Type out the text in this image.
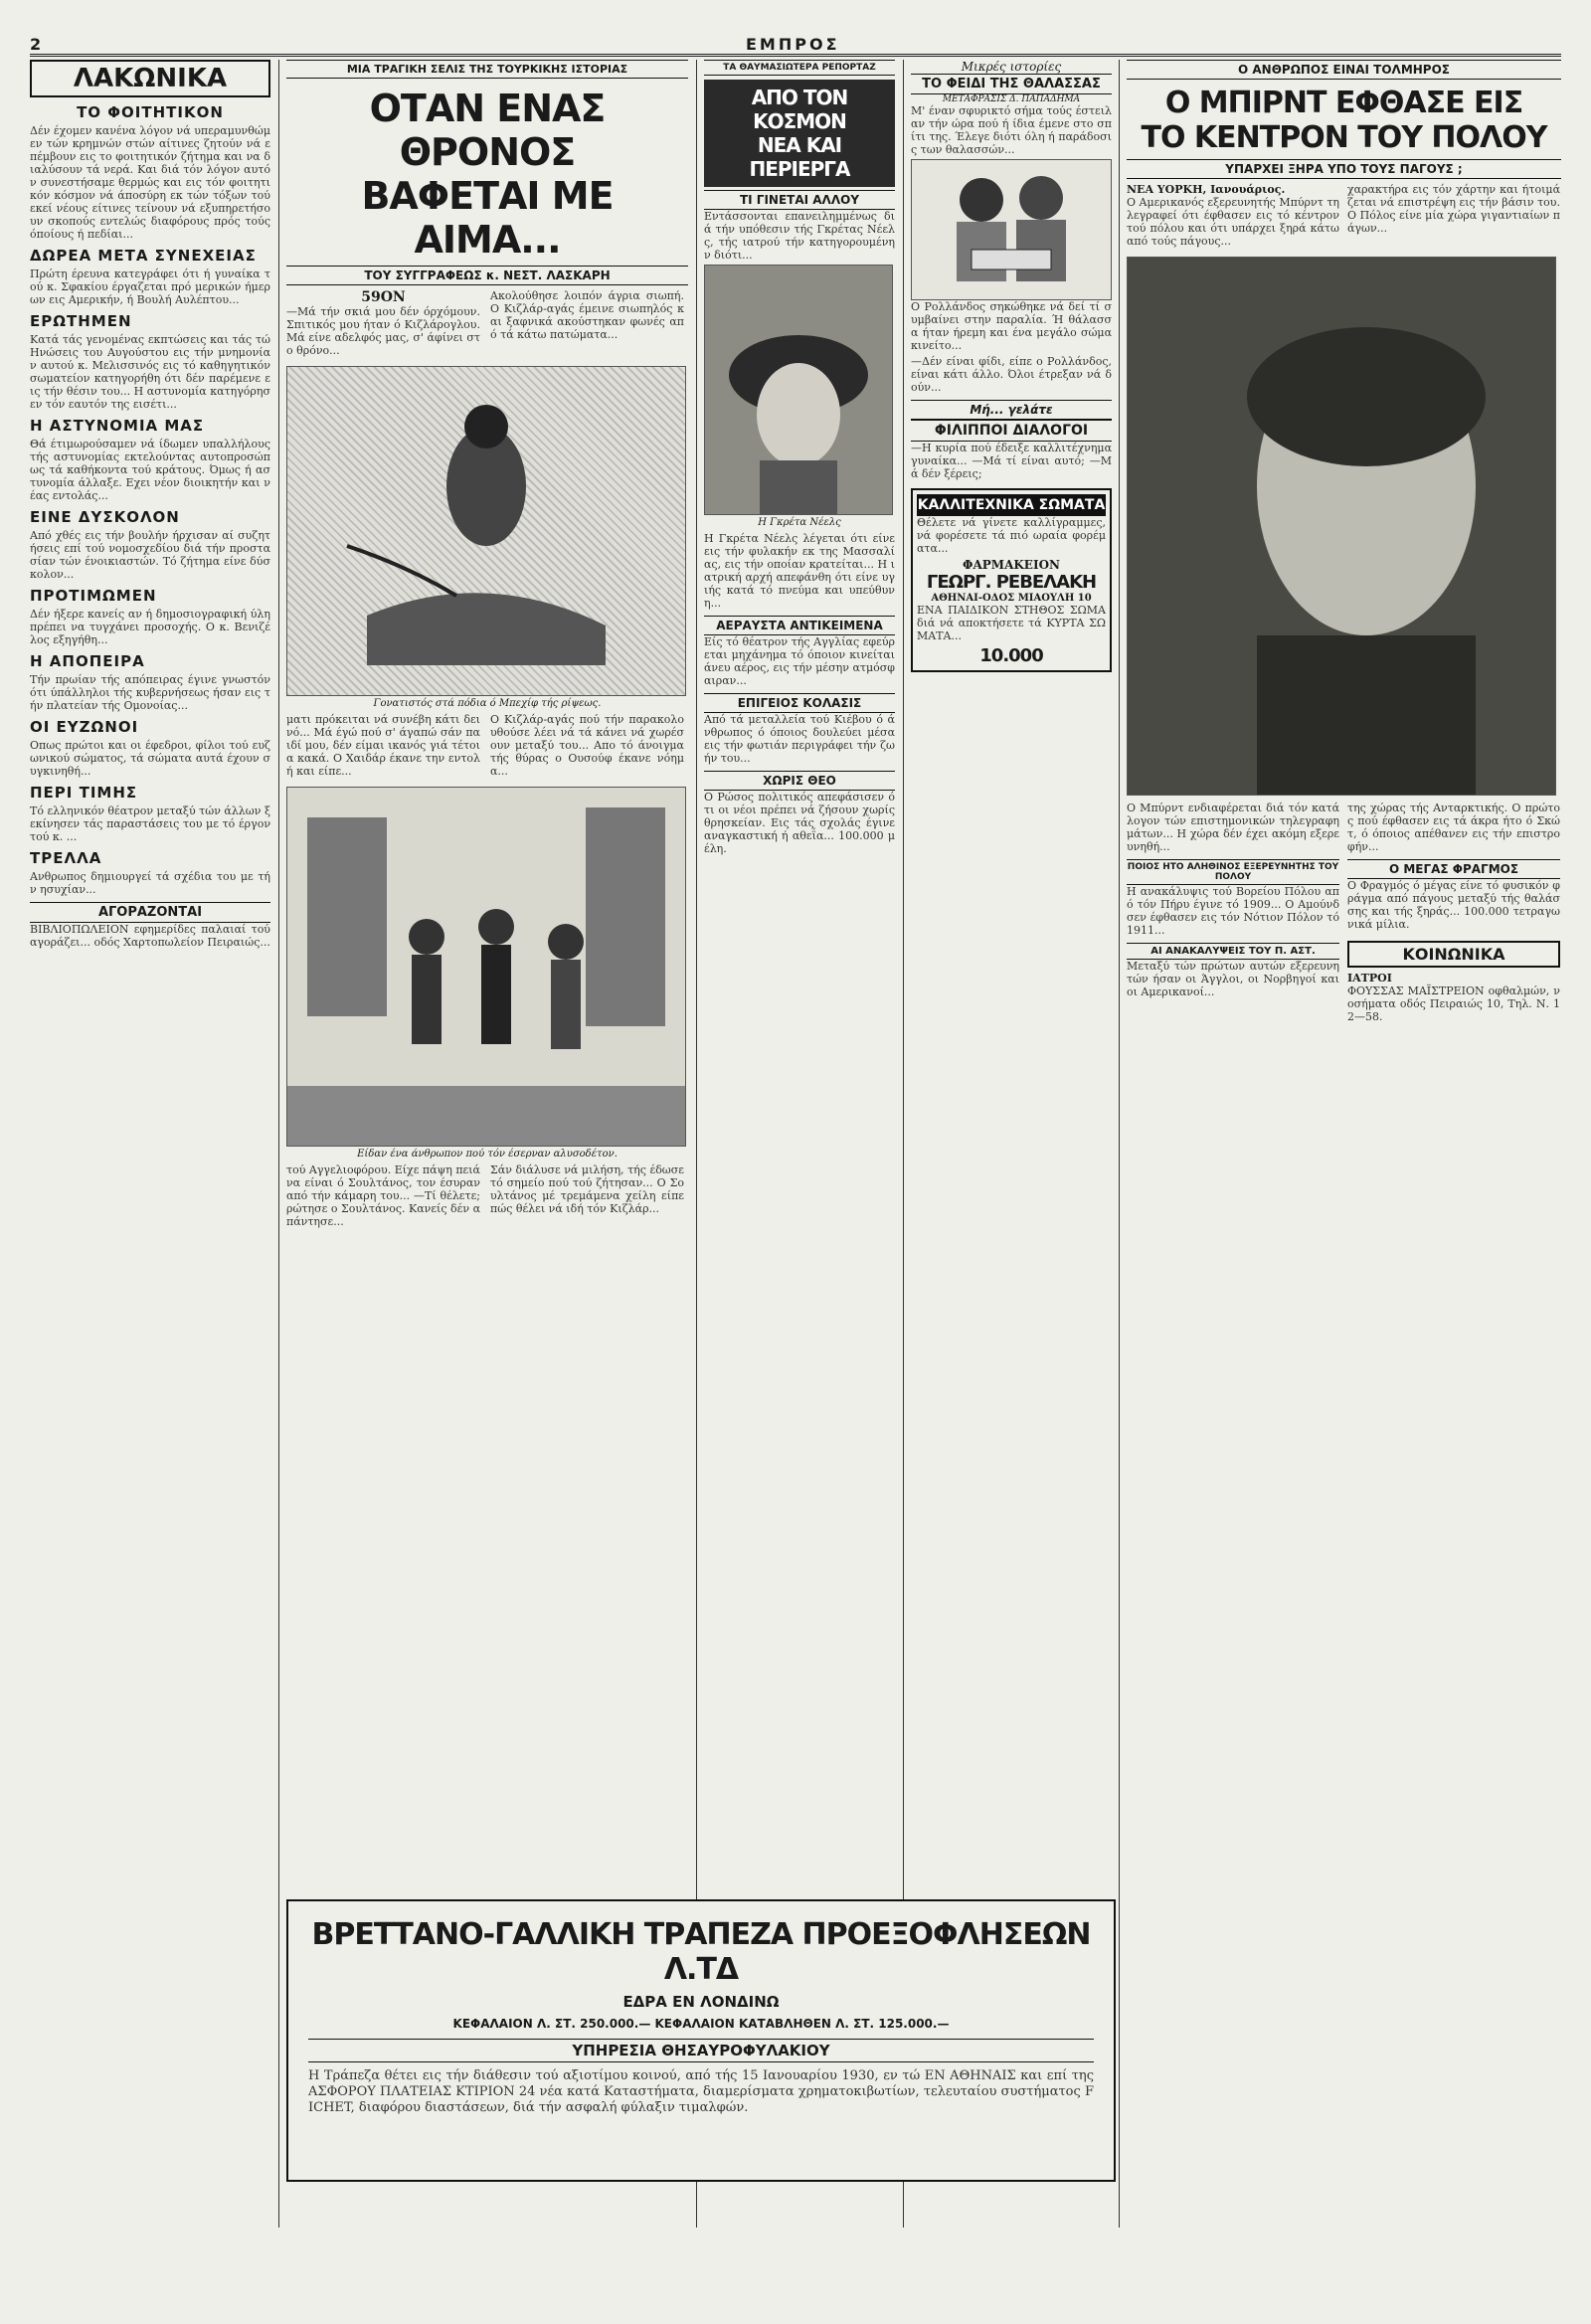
2	ΕΜΠΡΟΣ
ΛΑΚΩΝΙΚΑ
ΤΟ ΦΟΙΤΗΤΙΚΟΝ
Δέν έχομεν κανένα λόγον νά υπεραμυνθώμεν τών κρημνών στών αίτινες ζητούν νά επέμβουν εις το φοιτητικόν ζήτημα και να διαλύσουν τά νερά. Και διά τόν λόγον αυτόν συνεστήσαμε θερμώς και εις τόν φοιτητικόν κόσμον νά άποσύρη εκ τών τόξων τού εκεί νέους είτινες τείνουν νά εξυπηρετήσουν σκοπούς εντελώς διαφόρους πρός τούς όποίους ή πεδίαι...
ΔΩΡΕΑ ΜΕΤΑ ΣΥΝΕΧΕΙΑΣ
Πρώτη έρευνα κατεγράφει ότι ή γυναίκα τού κ. Σφακίου έργαζεται πρό μερικών ήμερων εις Αμερικήν, ή Βουλή Αυλέπτου...
ΕΡΩΤΗΜΕΝ
Κατά τάς γενομένας εκπτώσεις και τάς τώ Ηνώσεις του Αυγούστου εις τήν μνημονίαν αυτού κ. Μελισσινός εις τό καθηγητικόν σωματείον κατηγορήθη ότι δέν παρέμενε εις τήν θέσιν του... Η αστυνομία κατηγόρησεν τόν εαυτόν της εισέτι...
Η ΑΣΤΥΝΟΜΙΑ ΜΑΣ
Θά έτιμωρούσαμεν νά ίδωμεν υπαλλήλους τής αστυνομίας εκτελούντας αυτοπροσώπως τά καθήκοντα τού κράτους. Όμως ή αστυνομία άλλαξε. Εχει νέον διοικητήν και νέας εντολάς...
ΕΙΝΕ ΔΥΣΚΟΛΟΝ
Από χθές εις τήν βουλήν ήρχισαν αί συζητήσεις επί τού νομοσχεδίου διά τήν προστασίαν τών ένοικιαστών. Τό ζήτημα είνε δύσκολον...
ΠΡΟΤΙΜΩΜΕΝ
Δέν ήξερε κανείς αν ή δημοσιογραφική ύλη πρέπει να τυγχάνει προσοχής. Ο κ. Βενιζέλος εξηγήθη...
Η ΑΠΟΠΕΙΡΑ
Τήν πρωίαν τής απόπειρας έγινε γνωστόν ότι ύπάλληλοι τής κυβερνήσεως ήσαν εις τήν πλατείαν τής Ομονοίας...
ΟΙ ΕΥΖΩΝΟΙ
Οπως πρώτοι και οι έφεδροι, φίλοι τού ευζωνικού σώματος, τά σώματα αυτά έχουν συγκινηθή...
ΠΕΡΙ ΤΙΜΗΣ
Τό ελληνικόν θέατρον μεταξύ τών άλλων ξεκίνησεν τάς παραστάσεις του με τό έργον τού κ. ...
ΤΡΕΛΛΑ
Ανθρωπος δημιουργεί τά σχέδια του με τήν ησυχίαν...
ΑΓΟΡΑΖΟΝΤΑΙ
ΒΙΒΛΙΟΠΩΛΕΙΟΝ εφημερίδες παλαιαί τού αγοράζει... οδός Χαρτοπωλείον Πειραιώς...
ΜΙΑ ΤΡΑΓΙΚΗ ΣΕΛΙΣ ΤΗΣ ΤΟΥΡΚΙΚΗΣ ΙΣΤΟΡΙΑΣ
ΟΤΑΝ ΕΝΑΣ ΘΡΟΝΟΣ
ΒΑΦΕΤΑΙ ΜΕ ΑΙΜΑ...
ΤΟΥ ΣΥΓΓΡΑΦΕΩΣ κ. ΝΕΣΤ. ΛΑΣΚΑΡΗ
59ΟΝ
—Μά τήν σκιά μου δέν όρχόμουν. Σπιτικός μου ήταν ό Κιζλάρογλου. Μά είνε αδελφός μας, σ' άφίνει στο θρόνο...
Ακολούθησε λοιπόν άγρια σιωπή. Ο Κιζλάρ-αγάς έμεινε σιωπηλός και ξαφνικά ακούστηκαν φωνές από τά κάτω πατώματα...
Γονατιστός στά πόδια ό Μπεχίφ τής ρίψεως.
ματι πρόκειται νά συνέβη κάτι δεινό... Μά έγώ πού σ' άγαπώ σάν παιδί μου, δέν είμαι ικανός γιά τέτοια κακά. Ο Χαιδάρ έκανε την εντολή και είπε...
Ο Κιζλάρ-αγάς πού τήν παρακολουθούσε λέει νά τά κάνει νά χωρέσουν μεταξύ του... Απο τό άνοιγμα τής θύρας ο Ουσούφ έκανε νόημα...
Είδαν ένα άνθρωπον πού τόν έσερναν αλυσοδέτον.
τού Αγγελιοφόρου. Είχε πάψη πειά να είναι ό Σουλτάνος, τον έσυραν από τήν κάμαρη του... —Τί θέλετε; ρώτησε ο Σουλτάνος. Κανείς δέν απάντησε...
Σάν διάλυσε νά μιλήση, τής έδωσε τό σημείο πού τού ζήτησαν... Ο Σουλτάνος μέ τρεμάμενα χείλη είπε πώς θέλει νά ιδή τόν Κιζλάρ...
ΤΑ ΘΑΥΜΑΣΙΩΤΕΡΑ ΡΕΠΟΡΤΑΖ
ΑΠΟ ΤΟΝ ΚΟΣΜΟΝ
ΝΕΑ ΚΑΙ ΠΕΡΙΕΡΓΑ
ΤΙ ΓΙΝΕΤΑΙ ΑΛΛΟΥ
Εντάσσονται επανειλημμένως διά τήν υπόθεσιν τής Γκρέτας Νέελς, τής ιατρού τήν κατηγορουμένην διότι...
Η Γκρέτα Νέελς
Η Γκρέτα Νέελς λέγεται ότι είνε εις τήν φυλακήν εκ της Μασσαλίας, εις τήν οποίαν κρατείται... Η ιατρική αρχή απεφάνθη ότι είνε υγιής κατά τό πνεύμα και υπεύθυνη...
ΑΕΡΑΥΣΤΑ ΑΝΤΙΚΕΙΜΕΝΑ
Είς τό θέατρον τής Αγγλίας εφεύρεται μηχάνημα τό όποιον κινείται άνευ αέρος, εις τήν μέσην ατμόσφαιραν...
ΕΠΙΓΕΙΟΣ ΚΟΛΑΣΙΣ
Από τά μεταλλεία τού Κιέβου ό άνθρωπος ό όποιος δουλεύει μέσα εις τήν φωτιάν περιγράφει τήν ζωήν του...
ΧΩΡΙΣ ΘΕΟ
Ο Ρώσος πολιτικός απεφάσισεν ότι οι νέοι πρέπει νά ζήσουν χωρίς θρησκείαν. Εις τάς σχολάς έγινε αναγκαστική ή αθεΐα... 100.000 μέλη.
Μικρές ιστορίες
ΤΟ ΦΕΙΔΙ ΤΗΣ ΘΑΛΑΣΣΑΣ
ΜΕΤΑΦΡΑΣΙΣ Δ. ΠΑΠΑΔΗΜΑ
Μ' έναν σφυρικτό σήμα τούς έστειλαν τήν ώρα πού ή ίδια έμενε στο σπίτι της. Έλεγε διότι όλη ή παράδοσις των θαλασσών...
Ο Ρολλάνδος σηκώθηκε νά δεί τί συμβαίνει στην παραλία. Ή θάλασσα ήταν ήρεμη και ένα μεγάλο σώμα κινείτο...
—Δέν είναι φίδι, είπε ο Ρολλάνδος, είναι κάτι άλλο. Όλοι έτρεξαν νά δούν...
Μή... γελάτε
ΦΙΛΙΠΠΟΙ ΔΙΑΛΟΓΟΙ
—Η κυρία πού έδειξε καλλιτέχνημα γυναίκα... —Μά τί είναι αυτό; —Μά δέν ξέρεις;
ΚΑΛΛΙΤΕΧΝΙΚΑ ΣΩΜΑΤΑ
Θέλετε νά γίνετε καλλίγραμμες, νά φορέσετε τά πιό ωραία φορέματα...
ΦΑΡΜΑΚΕΙΟΝ
ΓΕΩΡΓ. ΡΕΒΕΛΑΚΗ
ΑΘΗΝΑΙ-ΟΔΟΣ ΜΙΑΟΥΛΗ 10
ΕΝΑ ΠΑΙΔΙΚΟΝ ΣΤΗΘΟΣ ΣΩΜΑ διά νά αποκτήσετε τά ΚΥΡΤΑ ΣΩΜΑΤΑ...
10.000
Ο ΑΝΘΡΩΠΟΣ ΕΙΝΑΙ ΤΟΛΜΗΡΟΣ
Ο ΜΠΙΡΝΤ ΕΦΘΑΣΕ ΕΙΣ
ΤΟ ΚΕΝΤΡΟΝ ΤΟΥ ΠΟΛΟΥ
ΥΠΑΡΧΕΙ ΞΗΡΑ ΥΠΟ ΤΟΥΣ ΠΑΓΟΥΣ ;
ΝΕΑ ΥΟΡΚΗ, Ιανουάριος.
Ο Αμερικανός εξερευνητής Μπύρντ τηλεγραφεί ότι έφθασεν εις τό κέντρον τού πόλου και ότι υπάρχει ξηρά κάτω από τούς πάγους...
χαρακτήρα εις τόν χάρτην και ήτοιμάζεται νά επιστρέψη εις τήν βάσιν του. Ο Πόλος είνε μία χώρα γιγαντιαίων πάγων...
Ο Μπύρντ ενδιαφέρεται διά τόν κατάλογον τών επιστημονικών τηλεγραφημάτων... Η χώρα δέν έχει ακόμη εξερευνηθή...
ΠΟΙΟΣ ΗΤΟ ΑΛΗΘΙΝΟΣ ΕΞΕΡΕΥΝΗΤΗΣ ΤΟΥ ΠΟΛΟΥ
Η ανακάλυψις τού Βορείου Πόλου από τόν Πήρυ έγινε τό 1909... Ο Αμούνδσεν έφθασεν εις τόν Νότιον Πόλον τό 1911...
ΑΙ ΑΝΑΚΑΛΥΨΕΙΣ ΤΟΥ Π. ΑΣΤ.
Μεταξύ τών πρώτων αυτών εξερευνητών ήσαν οι Άγγλοι, οι Νορβηγοί και οι Αμερικανοί...
της χώρας τής Ανταρκτικής. Ο πρώτος πού έφθασεν εις τά άκρα ήτο ό Σκώτ, ό όποιος απέθανεν εις τήν επιστροφήν...
Ο ΜΕΓΑΣ ΦΡΑΓΜΟΣ
Ο Φραγμός ό μέγας είνε τό φυσικόν φράγμα από πάγους μεταξύ τής θαλάσσης και τής ξηράς... 100.000 τετραγωνικά μίλια.
ΚΟΙΝΩΝΙΚΑ
ΙΑΤΡΟΙ
ΦΟΥΣΣΑΣ ΜΑΪΣΤΡΕΙΟΝ οφθαλμών, νοσήματα οδός Πειραιώς 10, Τηλ. Ν. 12—58.
ΒΡΕΤΤΑΝΟ-ΓΑΛΛΙΚΗ ΤΡΑΠΕΖΑ ΠΡΟΕΞΟΦΛΗΣΕΩΝ Λ.ΤΔ
ΕΔΡΑ ΕΝ ΛΟΝΔΙΝΩ
ΚΕΦΑΛΑΙΟΝ Λ. ΣΤ. 250.000.— ΚΕΦΑΛΑΙΟΝ ΚΑΤΑΒΛΗΘΕΝ Λ. ΣΤ. 125.000.—
ΥΠΗΡΕΣΙΑ ΘΗΣΑΥΡΟΦΥΛΑΚΙΟΥ
Η Τράπεζα θέτει εις τήν διάθεσιν τού αξιοτίμου κοινού, από τής 15 Ιανουαρίου 1930, εν τώ ΕΝ ΑΘΗΝΑΙΣ και επί της ΑΣΦΟΡΟΥ ΠΛΑΤΕΙΑΣ ΚΤΙΡΙΟΝ 24 νέα κατά Καταστήματα, διαμερίσματα χρηματοκιβωτίων, τελευταίου συστήματος FICHET, διαφόρου διαστάσεων, διά τήν ασφαλή φύλαξιν τιμαλφών.
